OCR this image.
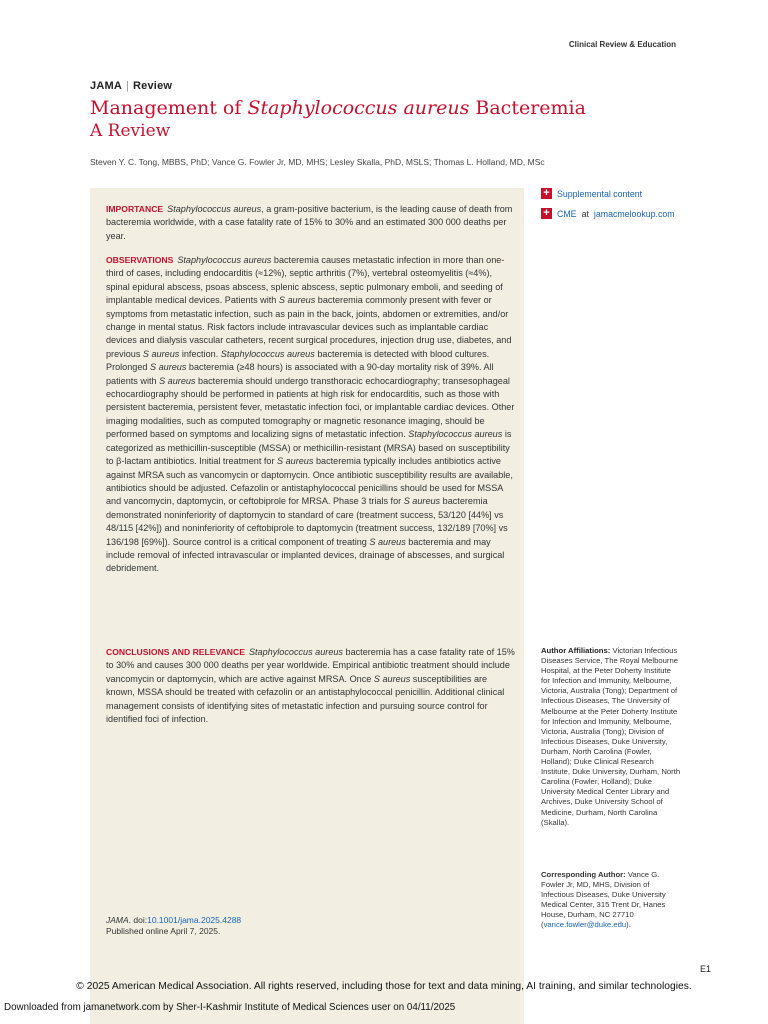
Clinical Review & Education
JAMA | Review
Management of Staphylococcus aureus Bacteremia
A Review
Steven Y. C. Tong, MBBS, PhD; Vance G. Fowler Jr, MD, MHS; Lesley Skalla, PhD, MSLS; Thomas L. Holland, MD, MSc
+ Supplemental content
+ CME at jamacmelookup.com

IMPORTANCE Staphylococcus aureus, a gram-positive bacterium, is the leading cause of death from bacteremia worldwide, with a case fatality rate of 15% to 30% and an estimated 300 000 deaths per year.

OBSERVATIONS Staphylococcus aureus bacteremia causes metastatic infection in more than one-third of cases, including endocarditis (≈12%), septic arthritis (7%), vertebral osteomyelitis (≈4%), spinal epidural abscess, psoas abscess, splenic abscess, septic pulmonary emboli, and seeding of implantable medical devices. Patients with S aureus bacteremia commonly present with fever or symptoms from metastatic infection, such as pain in the back, joints, abdomen or extremities, and/or change in mental status. Risk factors include intravascular devices such as implantable cardiac devices and dialysis vascular catheters, recent surgical procedures, injection drug use, diabetes, and previous S aureus infection. Staphylococcus aureus bacteremia is detected with blood cultures. Prolonged S aureus bacteremia (≥48 hours) is associated with a 90-day mortality risk of 39%. All patients with S aureus bacteremia should undergo transthoracic echocardiography; transesophageal echocardiography should be performed in patients at high risk for endocarditis, such as those with persistent bacteremia, persistent fever, metastatic infection foci, or implantable cardiac devices. Other imaging modalities, such as computed tomography or magnetic resonance imaging, should be performed based on symptoms and localizing signs of metastatic infection. Staphylococcus aureus is categorized as methicillin-susceptible (MSSA) or methicillin-resistant (MRSA) based on susceptibility to β-lactam antibiotics. Initial treatment for S aureus bacteremia typically includes antibiotics active against MRSA such as vancomycin or daptomycin. Once antibiotic susceptibility results are available, antibiotics should be adjusted. Cefazolin or antistaphylococcal penicillins should be used for MSSA and vancomycin, daptomycin, or ceftobiprole for MRSA. Phase 3 trials for S aureus bacteremia demonstrated noninferiority of daptomycin to standard of care (treatment success, 53/120 [44%] vs 48/115 [42%]) and noninferiority of ceftobiprole to daptomycin (treatment success, 132/189 [70%] vs 136/198 [69%]). Source control is a critical component of treating S aureus bacteremia and may include removal of infected intravascular or implanted devices, drainage of abscesses, and surgical debridement.

CONCLUSIONS AND RELEVANCE Staphylococcus aureus bacteremia has a case fatality rate of 15% to 30% and causes 300 000 deaths per year worldwide. Empirical antibiotic treatment should include vancomycin or daptomycin, which are active against MRSA. Once S aureus susceptibilities are known, MSSA should be treated with cefazolin or an antistaphylococcal penicillin. Additional clinical management consists of identifying sites of metastatic infection and pursuing source control for identified foci of infection.

JAMA. doi:10.1001/jama.2025.4288
Published online April 7, 2025.

Author Affiliations: Victorian Infectious Diseases Service, The Royal Melbourne Hospital, at the Peter Doherty Institute for Infection and Immunity, Melbourne, Victoria, Australia (Tong); Department of Infectious Diseases, The University of Melbourne at the Peter Doherty Institute for Infection and Immunity, Melbourne, Victoria, Australia (Tong); Division of Infectious Diseases, Duke University, Durham, North Carolina (Fowler, Holland); Duke Clinical Research Institute, Duke University, Durham, North Carolina (Fowler, Holland); Duke University Medical Center Library and Archives, Duke University School of Medicine, Durham, North Carolina (Skalla).

Corresponding Author: Vance G. Fowler Jr, MD, MHS, Division of Infectious Diseases, Duke University Medical Center, 315 Trent Dr, Hanes House, Durham, NC 27710 (vance.fowler@duke.edu).

E1
© 2025 American Medical Association. All rights reserved, including those for text and data mining, AI training, and similar technologies.
Downloaded from jamanetwork.com by Sher-I-Kashmir Institute of Medical Sciences user on 04/11/2025
